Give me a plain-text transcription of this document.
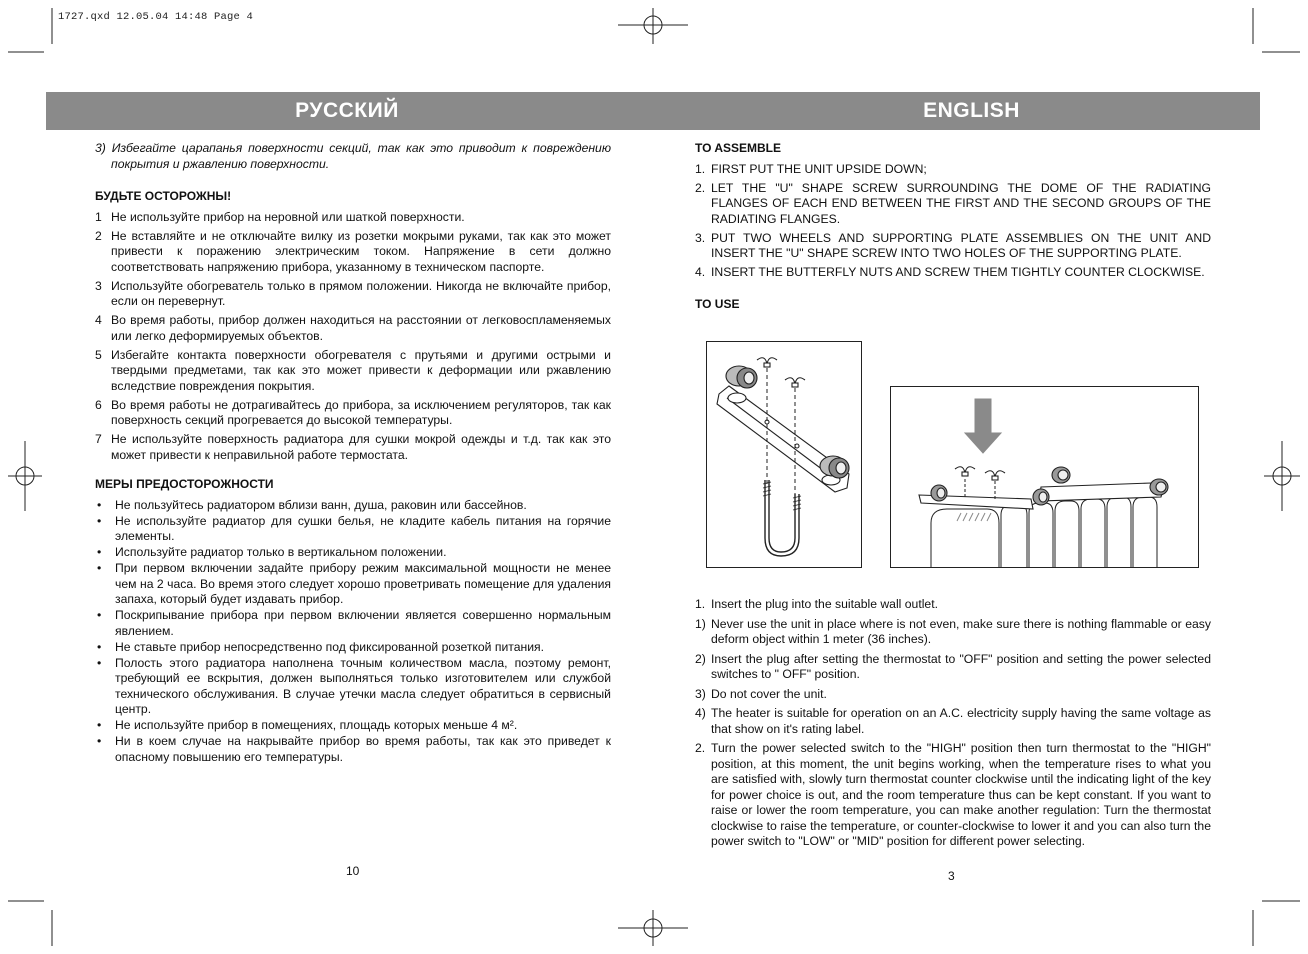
1727.qxd 12.05.04 14:48 Page 4
РУССКИЙ	ENGLISH

3) Избегайте царапанья поверхности секций, так как это приводит к повреждению покрытия и ржавлению поверхности.

БУДЬТЕ ОСТОРОЖНЫ!
1 Не используйте прибор на неровной или шаткой поверхности.
2 Не вставляйте и не отключайте вилку из розетки мокрыми руками, так как это может привести к поражению электрическим током. Напряжение в сети должно соответствовать напряжению прибора, указанному в техническом паспорте.
3 Используйте обогреватель только в прямом положении. Никогда не включайте прибор, если он перевернут.
4 Во время работы, прибор должен находиться на расстоянии от легковоспламеняемых или легко деформируемых объектов.
5 Избегайте контакта поверхности обогревателя с прутьями и другими острыми и твердыми предметами, так как это может привести к деформации или ржавлению вследствие повреждения покрытия.
6 Во время работы не дотрагивайтесь до прибора, за исключением регуляторов, так как поверхность секций прогревается до высокой температуры.
7 Не используйте поверхность радиатора для сушки мокрой одежды и т.д. так как это может привести к неправильной работе термостата.
МЕРЫ ПРЕДОСТОРОЖНОСТИ
•	Не пользуйтесь радиатором вблизи ванн, душа, раковин или бассейнов.
•	Не используйте радиатор для сушки белья, не кладите кабель питания на горячие элементы.
•	Используйте радиатор только в вертикальном положении.
•	При первом включении задайте прибору режим максимальной мощности не менее чем на 2 часа. Во время этого следует хорошо проветривать помещение для удаления запаха, который будет издавать прибор.
•	Поскрипывание прибора при первом включении является совершенно нормальным явлением.
•	Не ставьте прибор непосредственно под фиксированной розеткой питания.
•	Полость этого радиатора наполнена точным количеством масла, поэтому ремонт, требующий ее вскрытия, должен выполняться только изготовителем или службой технического обслуживания. В случае утечки масла следует обратиться в сервисный центр.
•	Не используйте прибор в помещениях, площадь которых меньше 4 м².
•	Ни в коем случае на накрывайте прибор во время работы, так как это приведет к опасному повышению его температуры.
TO ASSEMBLE
1. FIRST PUT THE UNIT UPSIDE DOWN;
2. LET THE "U" SHAPE SCREW SURROUNDING THE DOME OF THE RADIATING FLANGES OF EACH END BETWEEN THE FIRST AND THE SECOND GROUPS OF THE RADIATING FLANGES.
3. PUT TWO WHEELS AND SUPPORTING PLATE ASSEMBLIES ON THE UNIT AND INSERT THE "U" SHAPE SCREW INTO TWO HOLES OF THE SUPPORTING PLATE.
4. INSERT THE BUTTERFLY NUTS AND SCREW THEM TIGHTLY COUNTER CLOCKWISE.
TO USE
1. Insert the plug into the suitable wall outlet.
1) Never use the unit in place where is not even, make sure there is nothing flammable or easy deform object within 1 meter (36 inches).
2) Insert the plug after setting the thermostat to "OFF" position and setting the power selected switches to " OFF" position.
3) Do not cover the unit.
4) The heater is suitable for operation on an A.C. electricity supply having the same voltage as that show on it's rating label.
2. Turn the power selected switch to the "HIGH" position then turn thermostat to the "HIGH" position, at this moment, the unit begins working, when the temperature rises to what you are satisfied with, slowly turn thermostat counter clockwise until the indicating light of the key for power choice is out, and the room temperature thus can be kept constant. If you want to raise or lower the room temperature, you can make another regulation: Turn the thermostat clockwise to raise the temperature, or counter-clockwise to lower it and you can also turn the power switch to "LOW" or "MID" position for different power selecting.
10	3
